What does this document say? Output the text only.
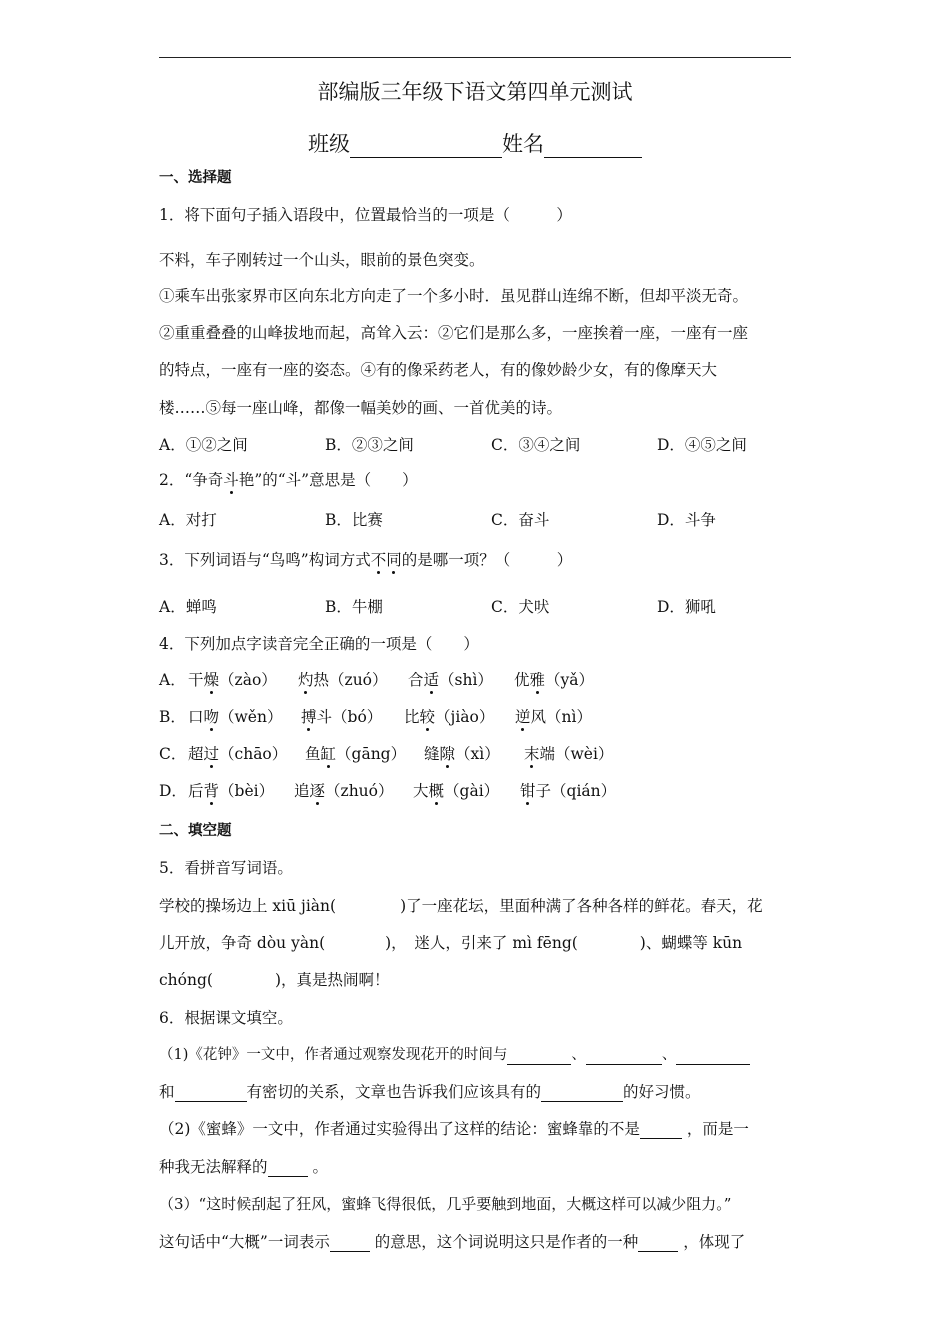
部编版三年级下语文第四单元测试
班级	姓名
一、选择题
1．将下面句子插入语段中，位置最恰当的一项是（　　　）
不料，车子刚转过一个山头，眼前的景色突变。
①乘车出张家界市区向东北方向走了一个多小时．虽见群山连绵不断，但却平淡无奇。
②重重叠叠的山峰拔地而起，高耸入云：②它们是那么多，一座挨着一座，一座有一座
的特点，一座有一座的姿态。④有的像采药老人，有的像妙龄少女，有的像摩天大
楼……⑤每一座山峰，都像一幅美妙的画、一首优美的诗。
A．①②之间	B．②③之间	C．③④之间	D．④⑤之间
2．“争奇斗艳”的“斗”意思是（　　）
A．对打	B．比赛	C．奋斗	D．斗争
3．下列词语与“鸟鸣”构词方式不同的是哪一项？（　　　）
A．蝉鸣	B．牛棚	C．犬吠	D．狮吼
4．下列加点字读音完全正确的一项是（　　）
A． 干燥（zào） 灼热（zuó） 合适（shì） 优雅（yǎ）
B． 口吻（wěn） 搏斗（bó） 比较（jiào） 逆风（nì）
C． 超过（chāo） 鱼缸（gāng） 缝隙（xì） 末端（wèi）
D． 后背（bèi） 追逐（zhuó） 大概（gài） 钳子（qián）
二、填空题
5．看拼音写词语。
学校的操场边上 xiū jiàn(	)了一座花坛，里面种满了各种各样的鲜花。春天，花
儿开放，争奇 dòu yàn(	)，　迷人，引来了 mì fēng(	)、蝴蝶等 kūn
chóng(	)，真是热闹啊！
6．根据课文填空。
（1)《花钟》一文中，作者通过观察发现花开的时间与	、	、
和	有密切的关系，文章也告诉我们应该具有的	的好习惯。
（2)《蜜蜂》一文中，作者通过实验得出了这样的结论：蜜蜂靠的不是	，而是一
种我无法解释的	。
（3）“这时候刮起了狂风，蜜蜂飞得很低，几乎要触到地面，大概这样可以减少阻力。”
这句话中“大概”一词表示	的意思，这个词说明这只是作者的一种	，体现了
